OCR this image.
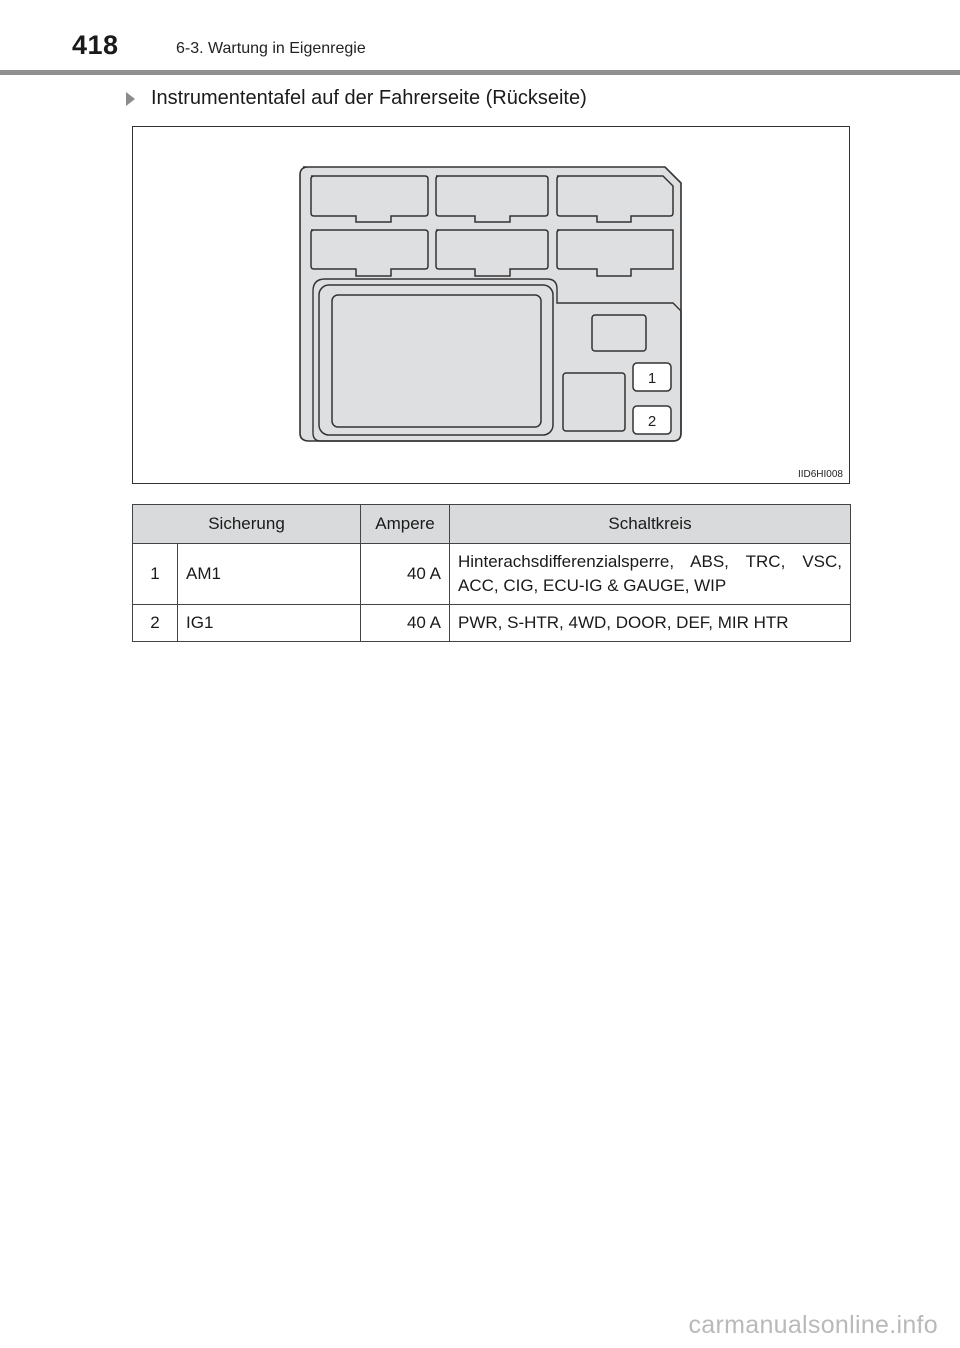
418	6-3. Wartung in Eigenregie
Instrumententafel auf der Fahrerseite (Rückseite)
1
2
IID6HI008
Sicherung		Ampere	Schaltkreis
1	AM1	40 A	Hinterachsdifferenzialsperre, ABS, TRC, VSC, ACC, CIG, ECU-IG & GAUGE, WIP
2	IG1	40 A	PWR, S-HTR, 4WD, DOOR, DEF, MIR HTR
carmanualsonline.info
